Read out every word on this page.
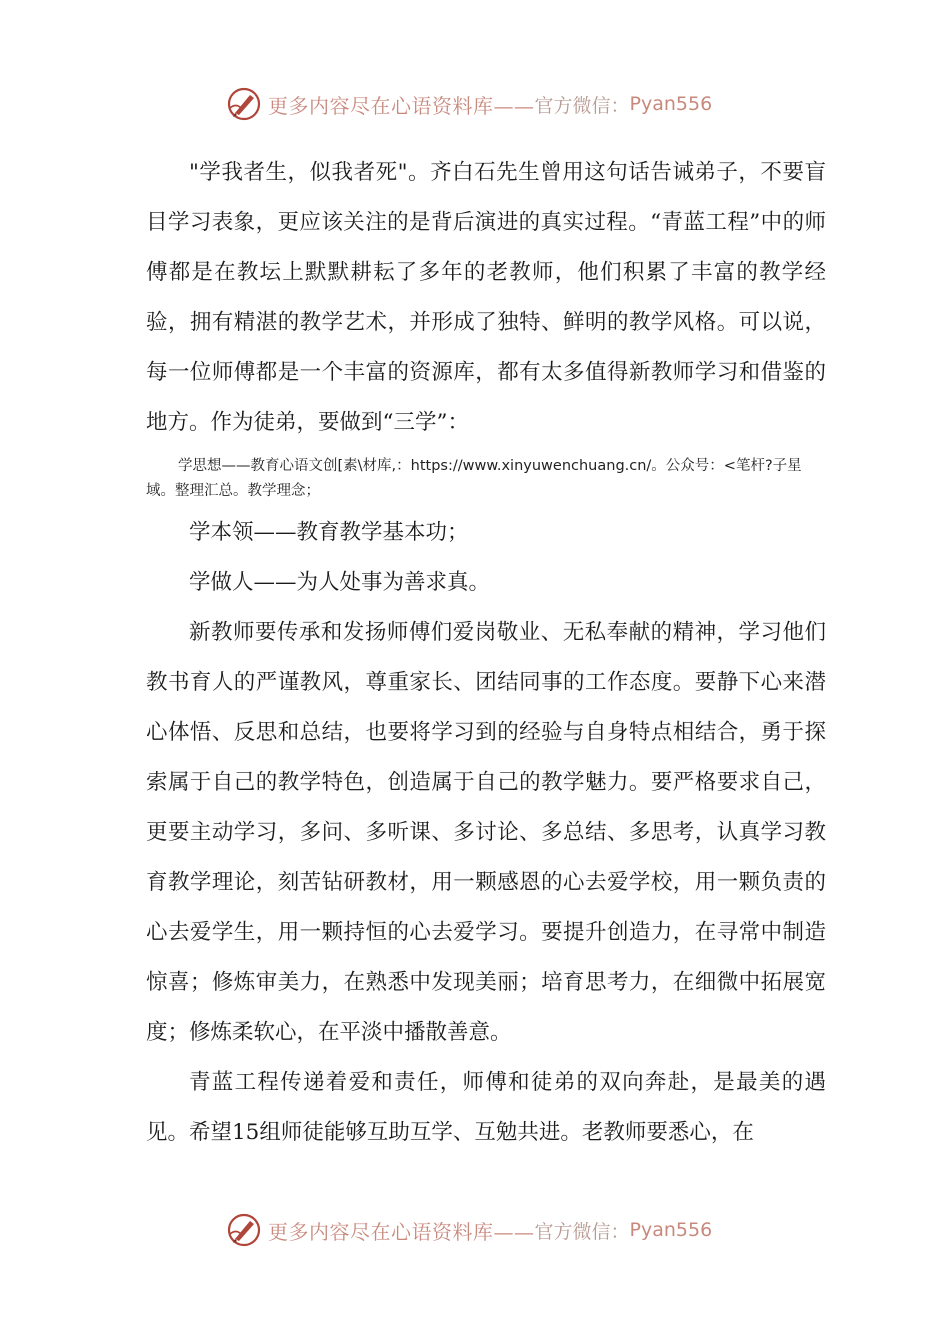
更多内容尽在心语资料库—— 官方微信： Pyan556

"学我者生，似我者死"。齐白石先生曾用这句话告诫弟子，不要盲目学习表象，更应该关注的是背后演进的真实过程。“青蓝工程”中的师傅都是在教坛上默默耕耘了多年的老教师，他们积累了丰富的教学经验，拥有精湛的教学艺术，并形成了独特、鲜明的教学风格。可以说，每一位师傅都是一个丰富的资源库，都有太多值得新教师学习和借鉴的地方。作为徒弟，要做到“三学”：

学思想——教育心语文创[素\材库,：https://www.xinyuwenchuang.cn/。公众号：<笔杆?子星域。整理汇总。教学理念；

学本领——教育教学基本功；

学做人——为人处事为善求真。

新教师要传承和发扬师傅们爱岗敬业、无私奉献的精神，学习他们教书育人的严谨教风，尊重家长、团结同事的工作态度。要静下心来潜心体悟、反思和总结，也要将学习到的经验与自身特点相结合，勇于探索属于自己的教学特色，创造属于自己的教学魅力。要严格要求自己，更要主动学习，多问、多听课、多讨论、多总结、多思考，认真学习教育教学理论，刻苦钻研教材，用一颗感恩的心去爱学校，用一颗负责的心去爱学生，用一颗持恒的心去爱学习。要提升创造力，在寻常中制造惊喜；修炼审美力，在熟悉中发现美丽；培育思考力，在细微中拓展宽度；修炼柔软心，在平淡中播散善意。

青蓝工程传递着爱和责任，师傅和徒弟的双向奔赴，是最美的遇见。希望15组师徒能够互助互学、互勉共进。老教师要悉心，在

更多内容尽在心语资料库—— 官方微信： Pyan556
